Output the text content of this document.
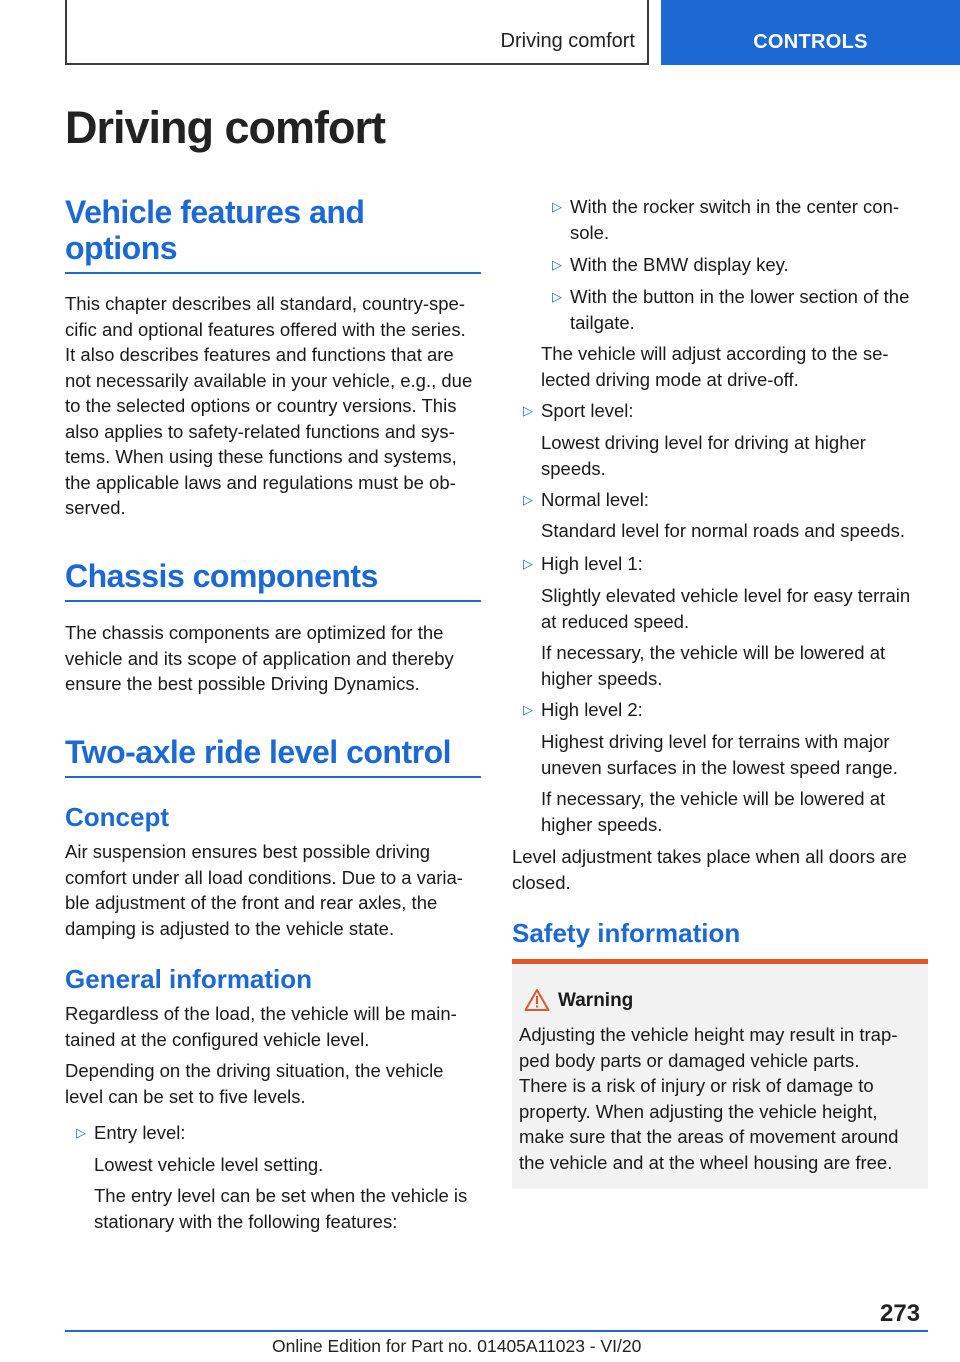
Driving comfort	CONTROLS
Driving comfort
Vehicle features and options
This chapter describes all standard, country-spe-
cific and optional features offered with the series.
It also describes features and functions that are
not necessarily available in your vehicle, e.g., due
to the selected options or country versions. This
also applies to safety-related functions and sys-
tems. When using these functions and systems,
the applicable laws and regulations must be ob-
served.
Chassis components
The chassis components are optimized for the
vehicle and its scope of application and thereby
ensure the best possible Driving Dynamics.
Two-axle ride level control
Concept
Air suspension ensures best possible driving
comfort under all load conditions. Due to a varia-
ble adjustment of the front and rear axles, the
damping is adjusted to the vehicle state.
General information
Regardless of the load, the vehicle will be main-
tained at the configured vehicle level.
Depending on the driving situation, the vehicle
level can be set to five levels.
▷ Entry level:
Lowest vehicle level setting.
The entry level can be set when the vehicle is
stationary with the following features:
▷ With the rocker switch in the center con-
sole.
▷ With the BMW display key.
▷ With the button in the lower section of the
tailgate.
The vehicle will adjust according to the se-
lected driving mode at drive-off.
▷ Sport level:
Lowest driving level for driving at higher
speeds.
▷ Normal level:
Standard level for normal roads and speeds.
▷ High level 1:
Slightly elevated vehicle level for easy terrain
at reduced speed.
If necessary, the vehicle will be lowered at
higher speeds.
▷ High level 2:
Highest driving level for terrains with major
uneven surfaces in the lowest speed range.
If necessary, the vehicle will be lowered at
higher speeds.
Level adjustment takes place when all doors are
closed.
Safety information
Warning
Adjusting the vehicle height may result in trap-
ped body parts or damaged vehicle parts.
There is a risk of injury or risk of damage to
property. When adjusting the vehicle height,
make sure that the areas of movement around
the vehicle and at the wheel housing are free.
273
Online Edition for Part no. 01405A11023 - VI/20
